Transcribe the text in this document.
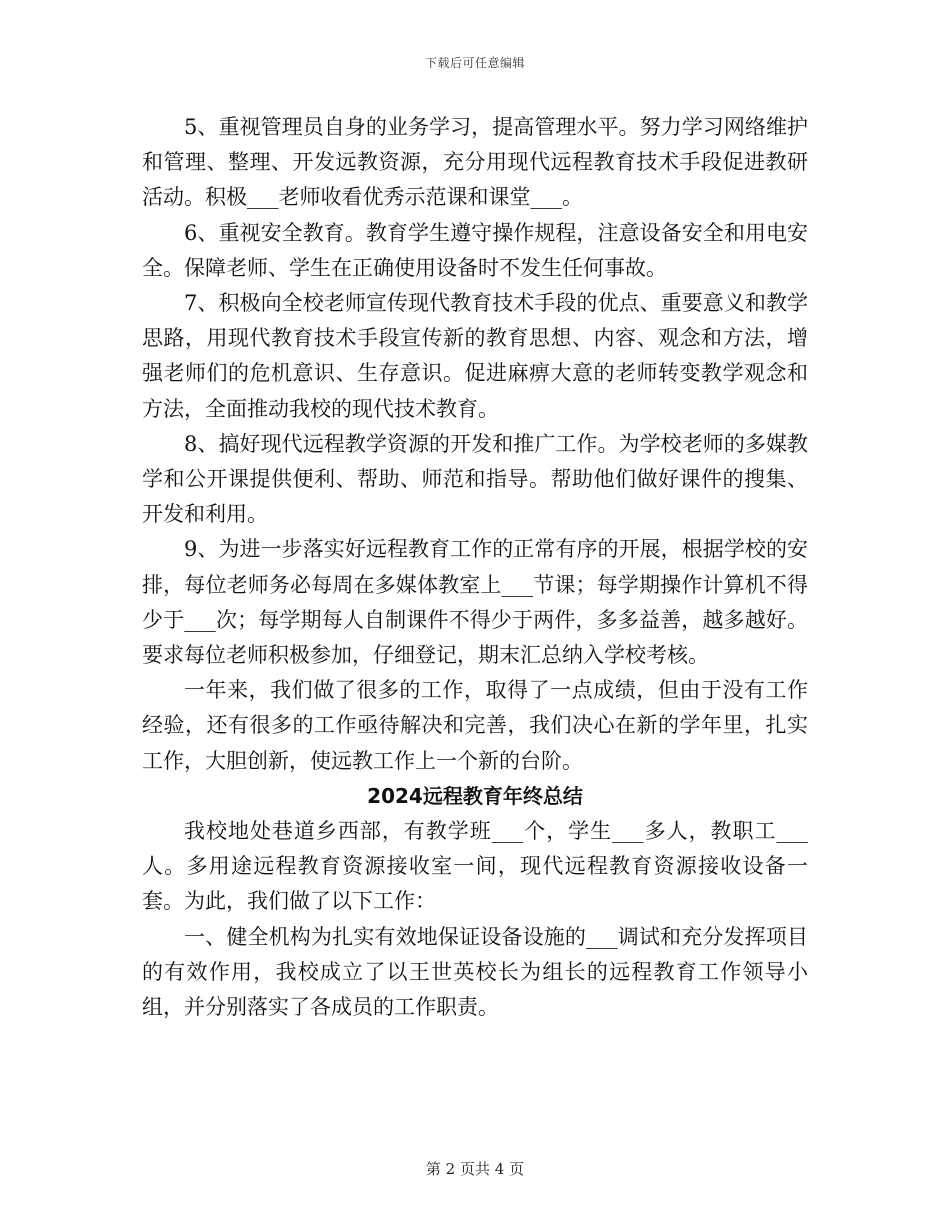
下载后可任意编辑

5、重视管理员自身的业务学习，提高管理水平。努力学习网络维护和管理、整理、开发远教资源，充分用现代远程教育技术手段促进教研活动。积极___老师收看优秀示范课和课堂___。

6、重视安全教育。教育学生遵守操作规程，注意设备安全和用电安全。保障老师、学生在正确使用设备时不发生任何事故。

7、积极向全校老师宣传现代教育技术手段的优点、重要意义和教学思路，用现代教育技术手段宣传新的教育思想、内容、观念和方法，增强老师们的危机意识、生存意识。促进麻痹大意的老师转变教学观念和方法，全面推动我校的现代技术教育。

8、搞好现代远程教学资源的开发和推广工作。为学校老师的多媒教学和公开课提供便利、帮助、师范和指导。帮助他们做好课件的搜集、开发和利用。

9、为进一步落实好远程教育工作的正常有序的开展，根据学校的安排，每位老师务必每周在多媒体教室上___节课；每学期操作计算机不得少于___次；每学期每人自制课件不得少于两件，多多益善，越多越好。要求每位老师积极参加，仔细登记，期末汇总纳入学校考核。

一年来，我们做了很多的工作，取得了一点成绩，但由于没有工作经验，还有很多的工作亟待解决和完善，我们决心在新的学年里，扎实工作，大胆创新，使远教工作上一个新的台阶。

2024远程教育年终总结

我校地处巷道乡西部，有教学班___个，学生___多人，教职工___人。多用途远程教育资源接收室一间，现代远程教育资源接收设备一套。为此，我们做了以下工作：

一、健全机构为扎实有效地保证设备设施的___调试和充分发挥项目的有效作用，我校成立了以王世英校长为组长的远程教育工作领导小组，并分别落实了各成员的工作职责。

第 2 页共 4 页
